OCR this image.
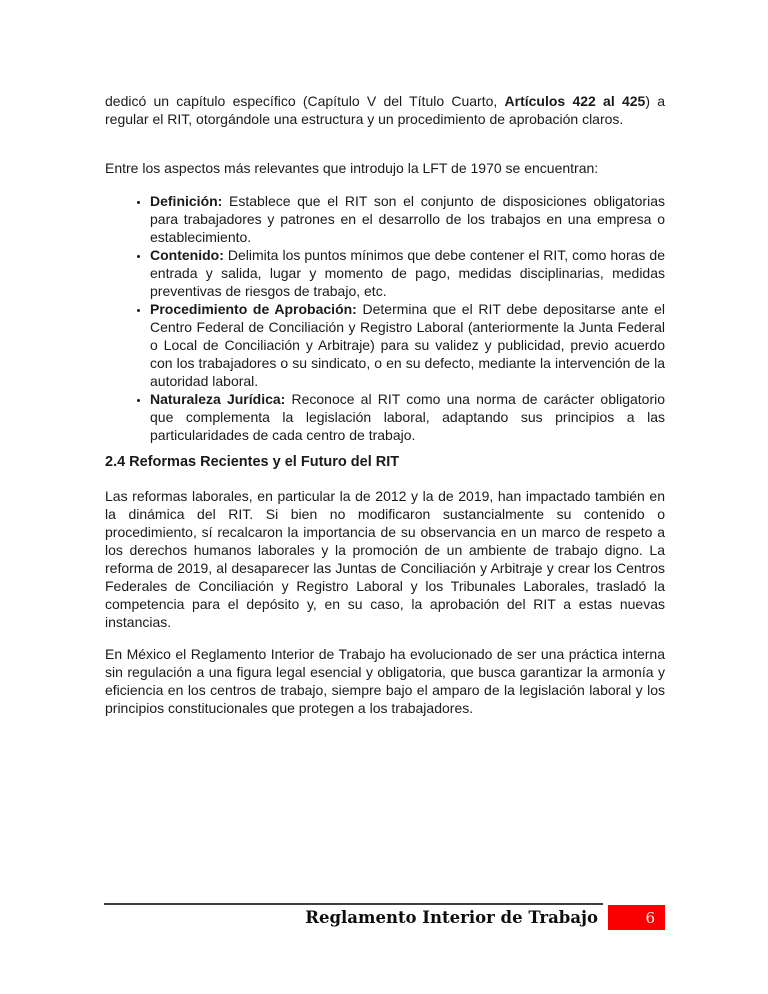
dedicó un capítulo específico (Capítulo V del Título Cuarto, Artículos 422 al 425) a regular el RIT, otorgándole una estructura y un procedimiento de aprobación claros.

Entre los aspectos más relevantes que introdujo la LFT de 1970 se encuentran:

• Definición: Establece que el RIT son el conjunto de disposiciones obligatorias para trabajadores y patrones en el desarrollo de los trabajos en una empresa o establecimiento.
• Contenido: Delimita los puntos mínimos que debe contener el RIT, como horas de entrada y salida, lugar y momento de pago, medidas disciplinarias, medidas preventivas de riesgos de trabajo, etc.
• Procedimiento de Aprobación: Determina que el RIT debe depositarse ante el Centro Federal de Conciliación y Registro Laboral (anteriormente la Junta Federal o Local de Conciliación y Arbitraje) para su validez y publicidad, previo acuerdo con los trabajadores o su sindicato, o en su defecto, mediante la intervención de la autoridad laboral.
• Naturaleza Jurídica: Reconoce al RIT como una norma de carácter obligatorio que complementa la legislación laboral, adaptando sus principios a las particularidades de cada centro de trabajo.
2.4 Reformas Recientes y el Futuro del RIT

Las reformas laborales, en particular la de 2012 y la de 2019, han impactado también en la dinámica del RIT. Si bien no modificaron sustancialmente su contenido o procedimiento, sí recalcaron la importancia de su observancia en un marco de respeto a los derechos humanos laborales y la promoción de un ambiente de trabajo digno. La reforma de 2019, al desaparecer las Juntas de Conciliación y Arbitraje y crear los Centros Federales de Conciliación y Registro Laboral y los Tribunales Laborales, trasladó la competencia para el depósito y, en su caso, la aprobación del RIT a estas nuevas instancias.

En México el Reglamento Interior de Trabajo ha evolucionado de ser una práctica interna sin regulación a una figura legal esencial y obligatoria, que busca garantizar la armonía y eficiencia en los centros de trabajo, siempre bajo el amparo de la legislación laboral y los principios constitucionales que protegen a los trabajadores.

Reglamento Interior de Trabajo	6
